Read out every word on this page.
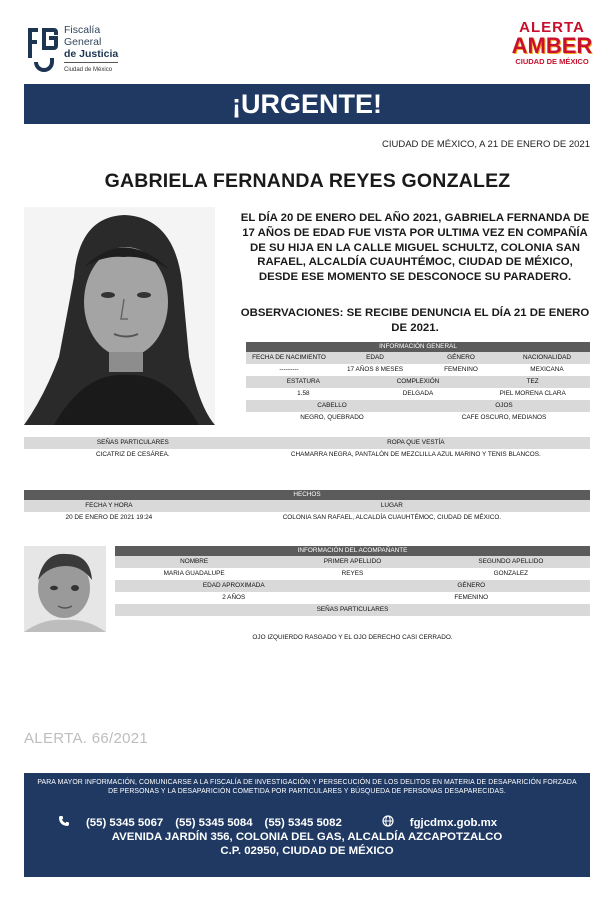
Fiscalía
General
de Justicia
Ciudad de México
ALERTA
AMBER
CIUDAD DE MÉXICO
¡URGENTE!
CIUDAD DE MÉXICO, A 21 DE ENERO DE 2021
GABRIELA FERNANDA REYES GONZALEZ
EL DÍA 20 DE ENERO DEL AÑO 2021, GABRIELA FERNANDA DE 17 AÑOS DE EDAD FUE VISTA POR ULTIMA VEZ EN COMPAÑÍA DE SU HIJA EN LA CALLE MIGUEL SCHULTZ, COLONIA SAN RAFAEL, ALCALDÍA CUAUHTÉMOC, CIUDAD DE MÉXICO, DESDE ESE MOMENTO SE DESCONOCE SU PARADERO.
OBSERVACIONES: SE RECIBE DENUNCIA EL DÍA 21 DE ENERO DE 2021.
INFORMACIÓN GENERAL
FECHA DE NACIMIENTO	EDAD	GÉNERO	NACIONALIDAD
---------	17 AÑOS 8 MESES	FEMENINO	MEXICANA
ESTATURA	COMPLEXIÓN	TEZ
1.58	DELGADA	PIEL MORENA CLARA
CABELLO	OJOS
NEGRO, QUEBRADO	CAFE OSCURO, MEDIANOS
SEÑAS PARTICULARES	ROPA QUE VESTÍA
CICATRIZ DE CESÁREA.	CHAMARRA NEGRA, PANTALÓN DE MEZCLILLA AZUL MARINO Y TENIS BLANCOS.
HECHOS
FECHA Y HORA	LUGAR
20 DE ENERO DE 2021 19:24	COLONIA SAN RAFAEL, ALCALDÍA CUAUHTÉMOC, CIUDAD DE MÉXICO.
INFORMACIÓN DEL ACOMPAÑANTE
NOMBRE	PRIMER APELLIDO	SEGUNDO APELLIDO
MARIA GUADALUPE	REYES	GONZALEZ
EDAD APROXIMADA	GÉNERO
2 AÑOS	FEMENINO
SEÑAS PARTICULARES
OJO IZQUIERDO RASGADO Y EL OJO DERECHO CASI CERRADO.
ALERTA. 66/2021
PARA MAYOR INFORMACIÓN, COMUNICARSE A LA FISCALÍA DE INVESTIGACIÓN Y PERSECUCIÓN DE LOS DELITOS EN MATERIA DE DESAPARICIÓN FORZADA DE PERSONAS Y LA DESAPARICIÓN COMETIDA POR PARTICULARES Y BÚSQUEDA DE PERSONAS DESAPARECIDAS.
(55) 5345 5067 (55) 5345 5084 (55) 5345 5082	fgjcdmx.gob.mx
AVENIDA JARDÍN 356, COLONIA DEL GAS, ALCALDÍA AZCAPOTZALCO
C.P. 02950, CIUDAD DE MÉXICO
